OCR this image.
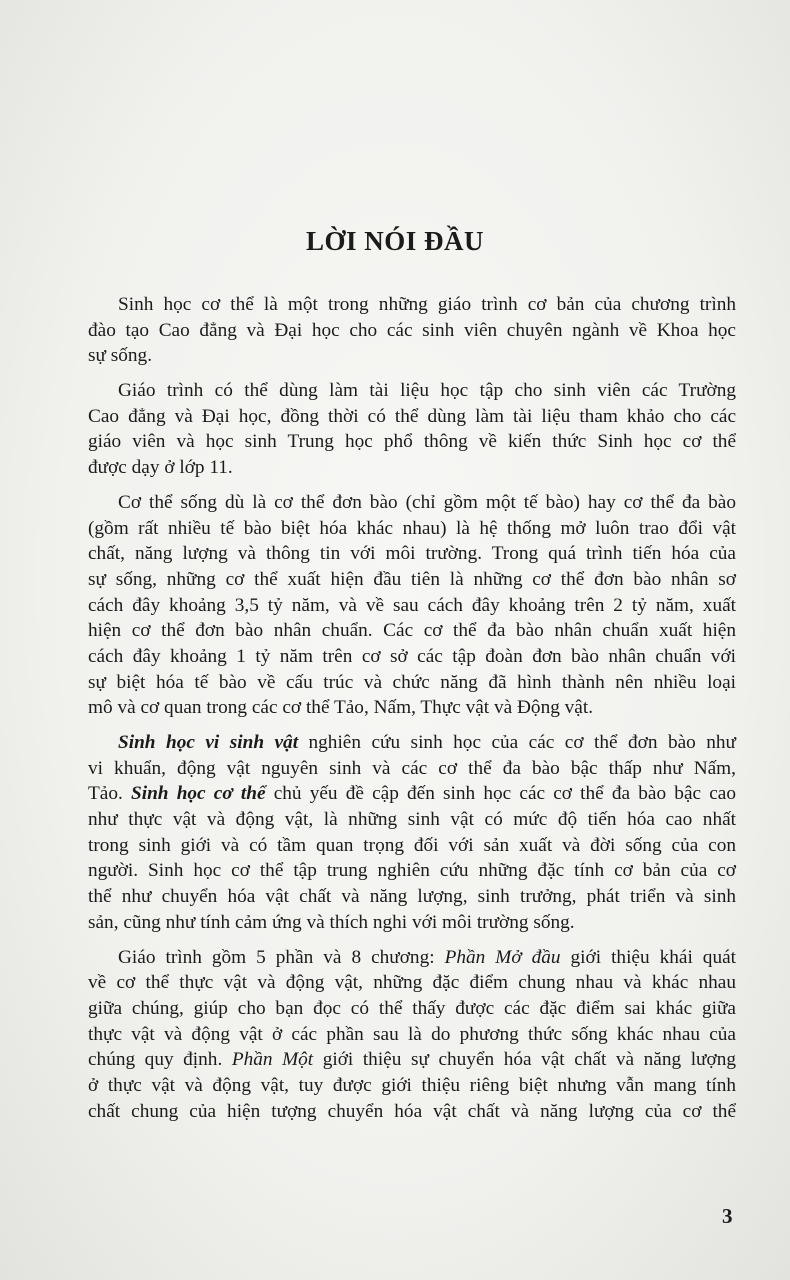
LỜI NÓI ĐẦU
Sinh học cơ thể là một trong những giáo trình cơ bản của chương trình
đào tạo Cao đẳng và Đại học cho các sinh viên chuyên ngành về Khoa học
sự sống.
Giáo trình có thể dùng làm tài liệu học tập cho sinh viên các Trường
Cao đẳng và Đại học, đồng thời có thể dùng làm tài liệu tham khảo cho các
giáo viên và học sinh Trung học phổ thông về kiến thức Sinh học cơ thể
được dạy ở lớp 11.
Cơ thể sống dù là cơ thể đơn bào (chỉ gồm một tế bào) hay cơ thể đa bào
(gồm rất nhiều tế bào biệt hóa khác nhau) là hệ thống mở luôn trao đổi vật
chất, năng lượng và thông tin với môi trường. Trong quá trình tiến hóa của
sự sống, những cơ thể xuất hiện đầu tiên là những cơ thể đơn bào nhân sơ
cách đây khoảng 3,5 tỷ năm, và về sau cách đây khoảng trên 2 tỷ năm, xuất
hiện cơ thể đơn bào nhân chuẩn. Các cơ thể đa bào nhân chuẩn xuất hiện
cách đây khoảng 1 tỷ năm trên cơ sở các tập đoàn đơn bào nhân chuẩn với
sự biệt hóa tế bào về cấu trúc và chức năng đã hình thành nên nhiều loại
mô và cơ quan trong các cơ thể Tảo, Nấm, Thực vật và Động vật.
Sinh học vi sinh vật nghiên cứu sinh học của các cơ thể đơn bào như
vi khuẩn, động vật nguyên sinh và các cơ thể đa bào bậc thấp như Nấm,
Tảo. Sinh học cơ thể chủ yếu đề cập đến sinh học các cơ thể đa bào bậc cao
như thực vật và động vật, là những sinh vật có mức độ tiến hóa cao nhất
trong sinh giới và có tầm quan trọng đối với sản xuất và đời sống của con
người. Sinh học cơ thể tập trung nghiên cứu những đặc tính cơ bản của cơ
thể như chuyển hóa vật chất và năng lượng, sinh trưởng, phát triển và sinh
sản, cũng như tính cảm ứng và thích nghi với môi trường sống.
Giáo trình gồm 5 phần và 8 chương: Phần Mở đầu giới thiệu khái quát
về cơ thể thực vật và động vật, những đặc điểm chung nhau và khác nhau
giữa chúng, giúp cho bạn đọc có thể thấy được các đặc điểm sai khác giữa
thực vật và động vật ở các phần sau là do phương thức sống khác nhau của
chúng quy định. Phần Một giới thiệu sự chuyển hóa vật chất và năng lượng
ở thực vật và động vật, tuy được giới thiệu riêng biệt nhưng vẫn mang tính
chất chung của hiện tượng chuyển hóa vật chất và năng lượng của cơ thể
3
